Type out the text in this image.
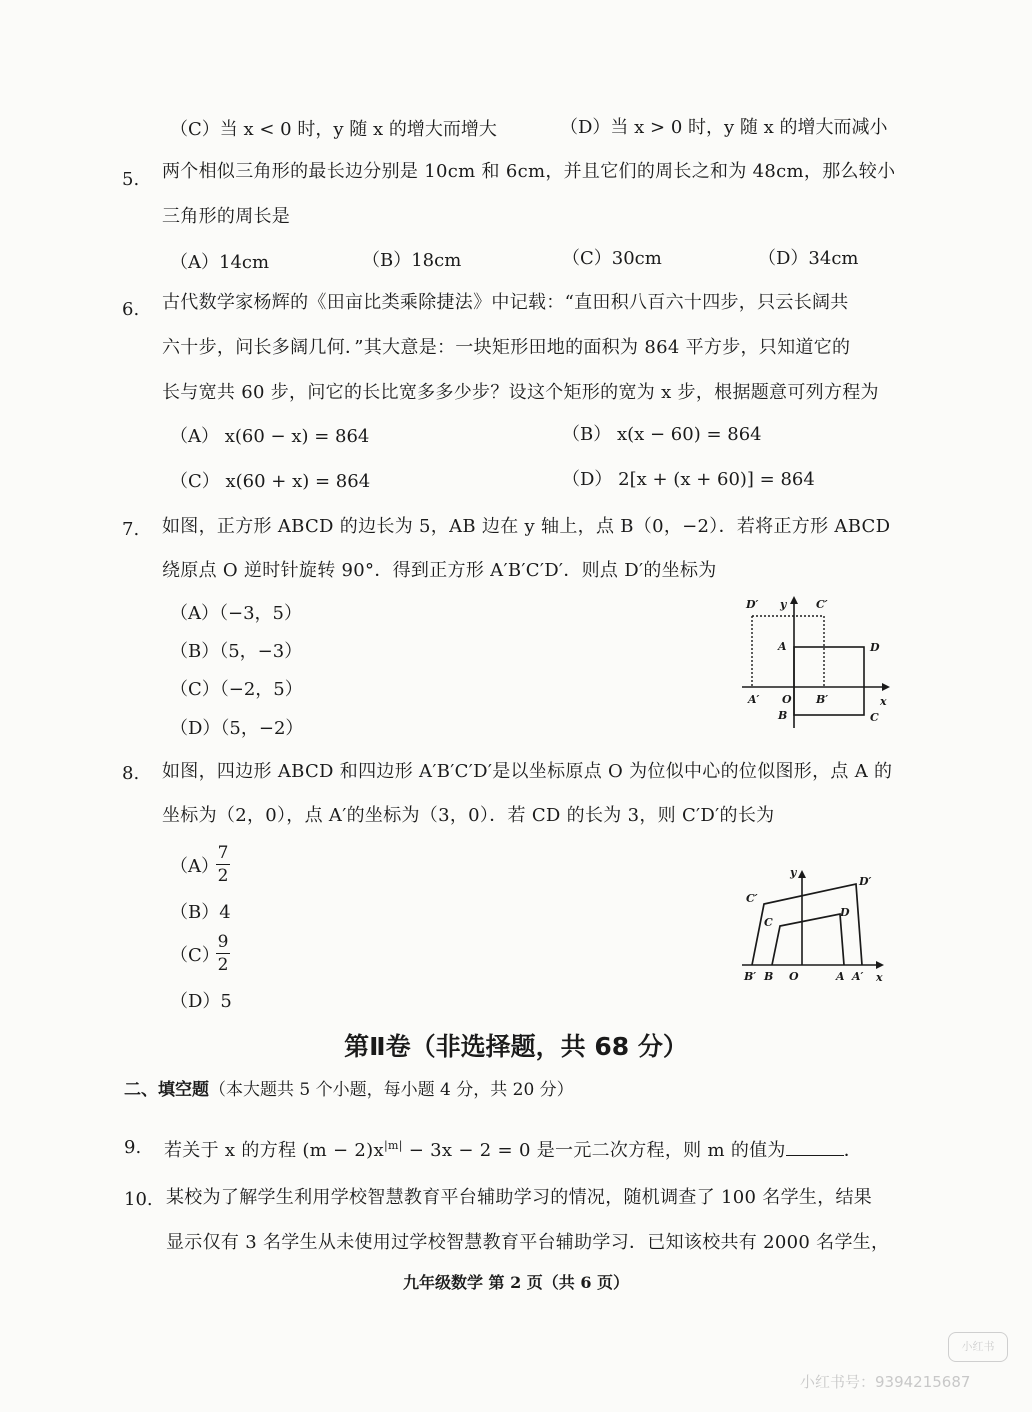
（C）当 x < 0 时，y 随 x 的增大而增大	（D）当 x > 0 时，y 随 x 的增大而减小
5. 两个相似三角形的最长边分别是 10cm 和 6cm，并且它们的周长之和为 48cm，那么较小
三角形的周长是
（A）14cm	（B）18cm	（C）30cm	（D）34cm
6. 古代数学家杨辉的《田亩比类乘除捷法》中记载：“直田积八百六十四步，只云长阔共
六十步，问长多阔几何．”其大意是：一块矩形田地的面积为 864 平方步，只知道它的
长与宽共 60 步，问它的长比宽多多少步？设这个矩形的宽为 x 步，根据题意可列方程为
（A） x(60 − x) = 864	（B） x(x − 60) = 864
（C） x(60 + x) = 864	（D） 2[x + (x + 60)] = 864
7. 如图，正方形 ABCD 的边长为 5，AB 边在 y 轴上，点 B（0，−2）．若将正方形 ABCD
绕原点 O 逆时针旋转 90°．得到正方形 A′B′C′D′．则点 D′的坐标为
（A）（−3，5）
（B）（5，−3）
（C）（−2，5）
（D）（5，−2）
D′ y	C′
A	D
A′ O B′	x
B	C
8. 如图，四边形 ABCD 和四边形 A′B′C′D′是以坐标原点 O 为位似中心的位似图形，点 A 的
坐标为（2，0），点 A′的坐标为（3，0）．若 CD 的长为 3，则 C′D′的长为
（A）
7
2
（B）4
（C）
9
2
（D）5
y
D′
C′
C
D
B′ B O	A A′ x
第Ⅱ卷（非选择题，共 68 分）
二、填空题（本大题共 5 个小题，每小题 4 分，共 20 分）
9. 若关于 x 的方程 $(m - 2)x^{|m|} - 3x - 2 = 0$ 是一元二次方程，则 m 的值为	．
10. 某校为了解学生利用学校智慧教育平台辅助学习的情况，随机调查了 100 名学生，结果
显示仅有 3 名学生从未使用过学校智慧教育平台辅助学习．已知该校共有 2000 名学生，
九年级数学 第 2 页（共 6 页）
小红书
小红书号：9394215687
